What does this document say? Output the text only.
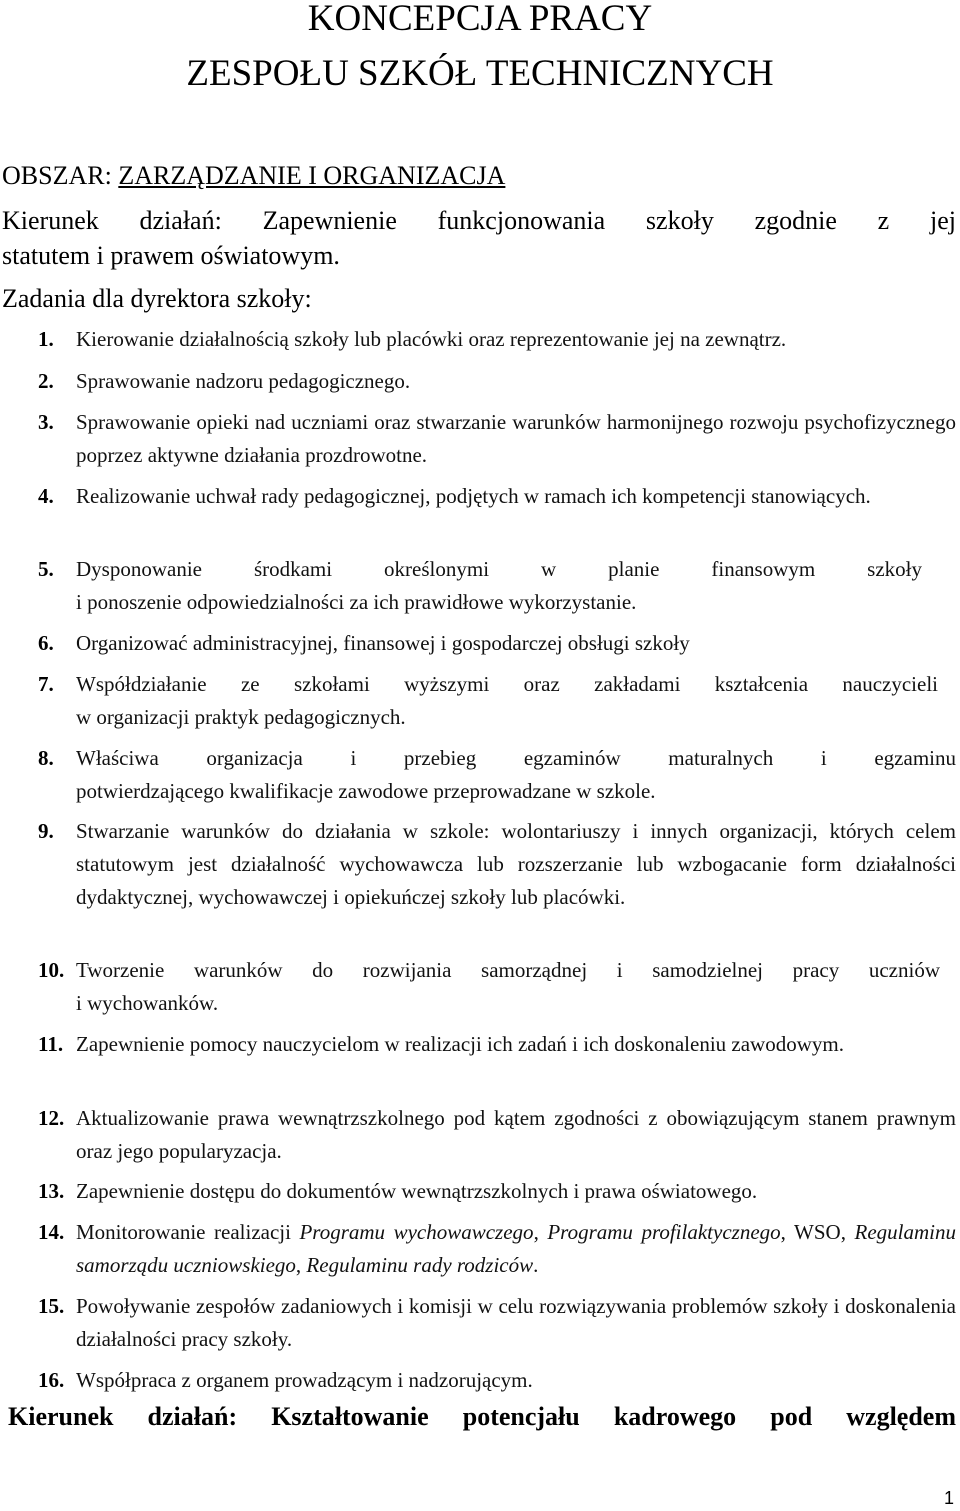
KONCEPCJA PRACY
ZESPOŁU SZKÓŁ TECHNICZNYCH
OBSZAR: ZARZĄDZANIE I ORGANIZACJA
Kierunek działań: Zapewnienie funkcjonowania szkoły zgodnie z jej
statutem i prawem oświatowym.
Zadania dla dyrektora szkoły:
1. Kierowanie działalnością szkoły lub placówki oraz reprezentowanie jej na zewnątrz.
2. Sprawowanie nadzoru pedagogicznego.
3. Sprawowanie opieki nad uczniami oraz stwarzanie warunków harmonijnego rozwoju psychofizycznego poprzez aktywne działania prozdrowotne.
4. Realizowanie uchwał rady pedagogicznej, podjętych w ramach ich kompetencji stanowiących.
5. Dysponowanie środkami określonymi w planie finansowym szkoły
i ponoszenie odpowiedzialności za ich prawidłowe wykorzystanie.
6. Organizować administracyjnej, finansowej i gospodarczej obsługi szkoły
7. Współdziałanie ze szkołami wyższymi oraz zakładami kształcenia nauczycieli
w organizacji praktyk pedagogicznych.
8. Właściwa organizacja i przebieg egzaminów maturalnych i egzaminu
potwierdzającego kwalifikacje zawodowe przeprowadzane w szkole.
9. Stwarzanie warunków do działania w szkole: wolontariuszy i innych organizacji, których celem statutowym jest działalność wychowawcza lub rozszerzanie lub wzbogacanie form działalności dydaktycznej, wychowawczej i opiekuńczej szkoły lub placówki.
10. Tworzenie warunków do rozwijania samorządnej i samodzielnej pracy uczniów
i wychowanków.
11. Zapewnienie pomocy nauczycielom w realizacji ich zadań i ich doskonaleniu zawodowym.
12. Aktualizowanie prawa wewnątrzszkolnego pod kątem zgodności z obowiązującym stanem prawnym oraz jego popularyzacja.
13. Zapewnienie dostępu do dokumentów wewnątrzszkolnych i prawa oświatowego.
14. Monitorowanie realizacji Programu wychowawczego, Programu profilaktycznego, WSO, Regulaminu samorządu uczniowskiego, Regulaminu rady rodziców.
15. Powoływanie zespołów zadaniowych i komisji w celu rozwiązywania problemów szkoły i doskonalenia działalności pracy szkoły.
16. Współpraca z organem prowadzącym i nadzorującym.
Kierunek działań: Kształtowanie potencjału kadrowego pod względem
1
